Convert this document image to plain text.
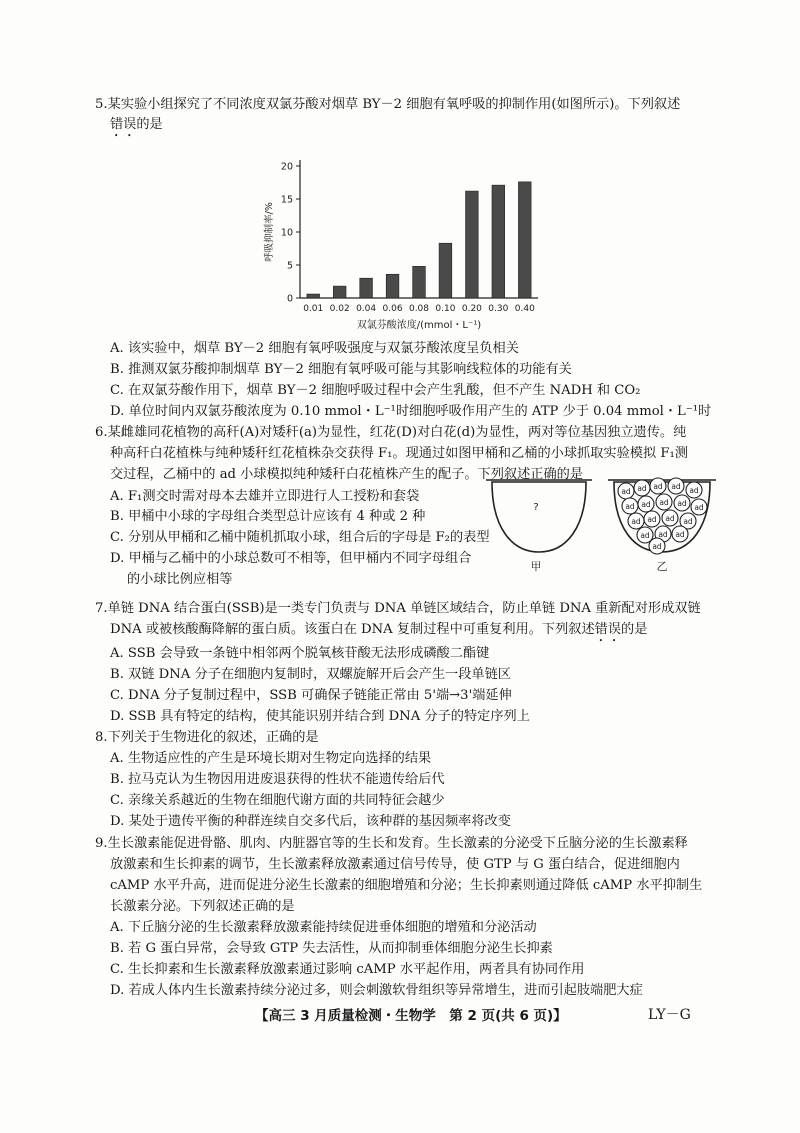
5.某实验小组探究了不同浓度双氯芬酸对烟草 BY－2 细胞有氧呼吸的抑制作用(如图所示)。下列叙述
错误的是
0
5
10
15
20
呼吸抑制率/%
0.01 0.02 0.04 0.06 0.08 0.10 0.20 0.30 0.40
双氯芬酸浓度/(mmol・L⁻¹)
A. 该实验中，烟草 BY－2 细胞有氧呼吸强度与双氯芬酸浓度呈负相关
B. 推测双氯芬酸抑制烟草 BY－2 细胞有氧呼吸可能与其影响线粒体的功能有关
C. 在双氯芬酸作用下，烟草 BY－2 细胞呼吸过程中会产生乳酸，但不产生 NADH 和 CO₂
D. 单位时间内双氯芬酸浓度为 0.10 mmol・L⁻¹时细胞呼吸作用产生的 ATP 少于 0.04 mmol・L⁻¹时
6.某雌雄同花植物的高秆(A)对矮秆(a)为显性，红花(D)对白花(d)为显性，两对等位基因独立遗传。纯
种高秆白花植株与纯种矮秆红花植株杂交获得 F₁。现通过如图甲桶和乙桶的小球抓取实验模拟 F₁测
交过程，乙桶中的 ad 小球模拟纯种矮秆白花植株产生的配子。下列叙述正确的是
A. F₁测交时需对母本去雄并立即进行人工授粉和套袋
B. 甲桶中小球的字母组合类型总计应该有 4 种或 2 种
C. 分别从甲桶和乙桶中随机抓取小球，组合后的字母是 F₂的表型
D. 甲桶与乙桶中的小球总数可不相等，但甲桶内不同字母组合
的小球比例应相等
?
甲
ad ad ad ad ad
ad ad ad ad ad
ad ad ad ad
ad ad ad
ad
乙
7.单链 DNA 结合蛋白(SSB)是一类专门负责与 DNA 单链区域结合，防止单链 DNA 重新配对形成双链
DNA 或被核酸酶降解的蛋白质。该蛋白在 DNA 复制过程中可重复利用。下列叙述错误的是
A. SSB 会导致一条链中相邻两个脱氧核苷酸无法形成磷酸二酯键
B. 双链 DNA 分子在细胞内复制时，双螺旋解开后会产生一段单链区
C. DNA 分子复制过程中，SSB 可确保子链能正常由 5'端→3'端延伸
D. SSB 具有特定的结构，使其能识别并结合到 DNA 分子的特定序列上
8.下列关于生物进化的叙述，正确的是
A. 生物适应性的产生是环境长期对生物定向选择的结果
B. 拉马克认为生物因用进废退获得的性状不能遗传给后代
C. 亲缘关系越近的生物在细胞代谢方面的共同特征会越少
D. 某处于遗传平衡的种群连续自交多代后，该种群的基因频率将改变
9.生长激素能促进骨骼、肌肉、内脏器官等的生长和发育。生长激素的分泌受下丘脑分泌的生长激素释
放激素和生长抑素的调节，生长激素释放激素通过信号传导，使 GTP 与 G 蛋白结合，促进细胞内
cAMP 水平升高，进而促进分泌生长激素的细胞增殖和分泌；生长抑素则通过降低 cAMP 水平抑制生
长激素分泌。下列叙述正确的是
A. 下丘脑分泌的生长激素释放激素能持续促进垂体细胞的增殖和分泌活动
B. 若 G 蛋白异常，会导致 GTP 失去活性，从而抑制垂体细胞分泌生长抑素
C. 生长抑素和生长激素释放激素通过影响 cAMP 水平起作用，两者具有协同作用
D. 若成人体内生长激素持续分泌过多，则会刺激软骨组织等异常增生，进而引起肢端肥大症
【高三 3 月质量检测・生物学　第 2 页(共 6 页)】	LY－G
